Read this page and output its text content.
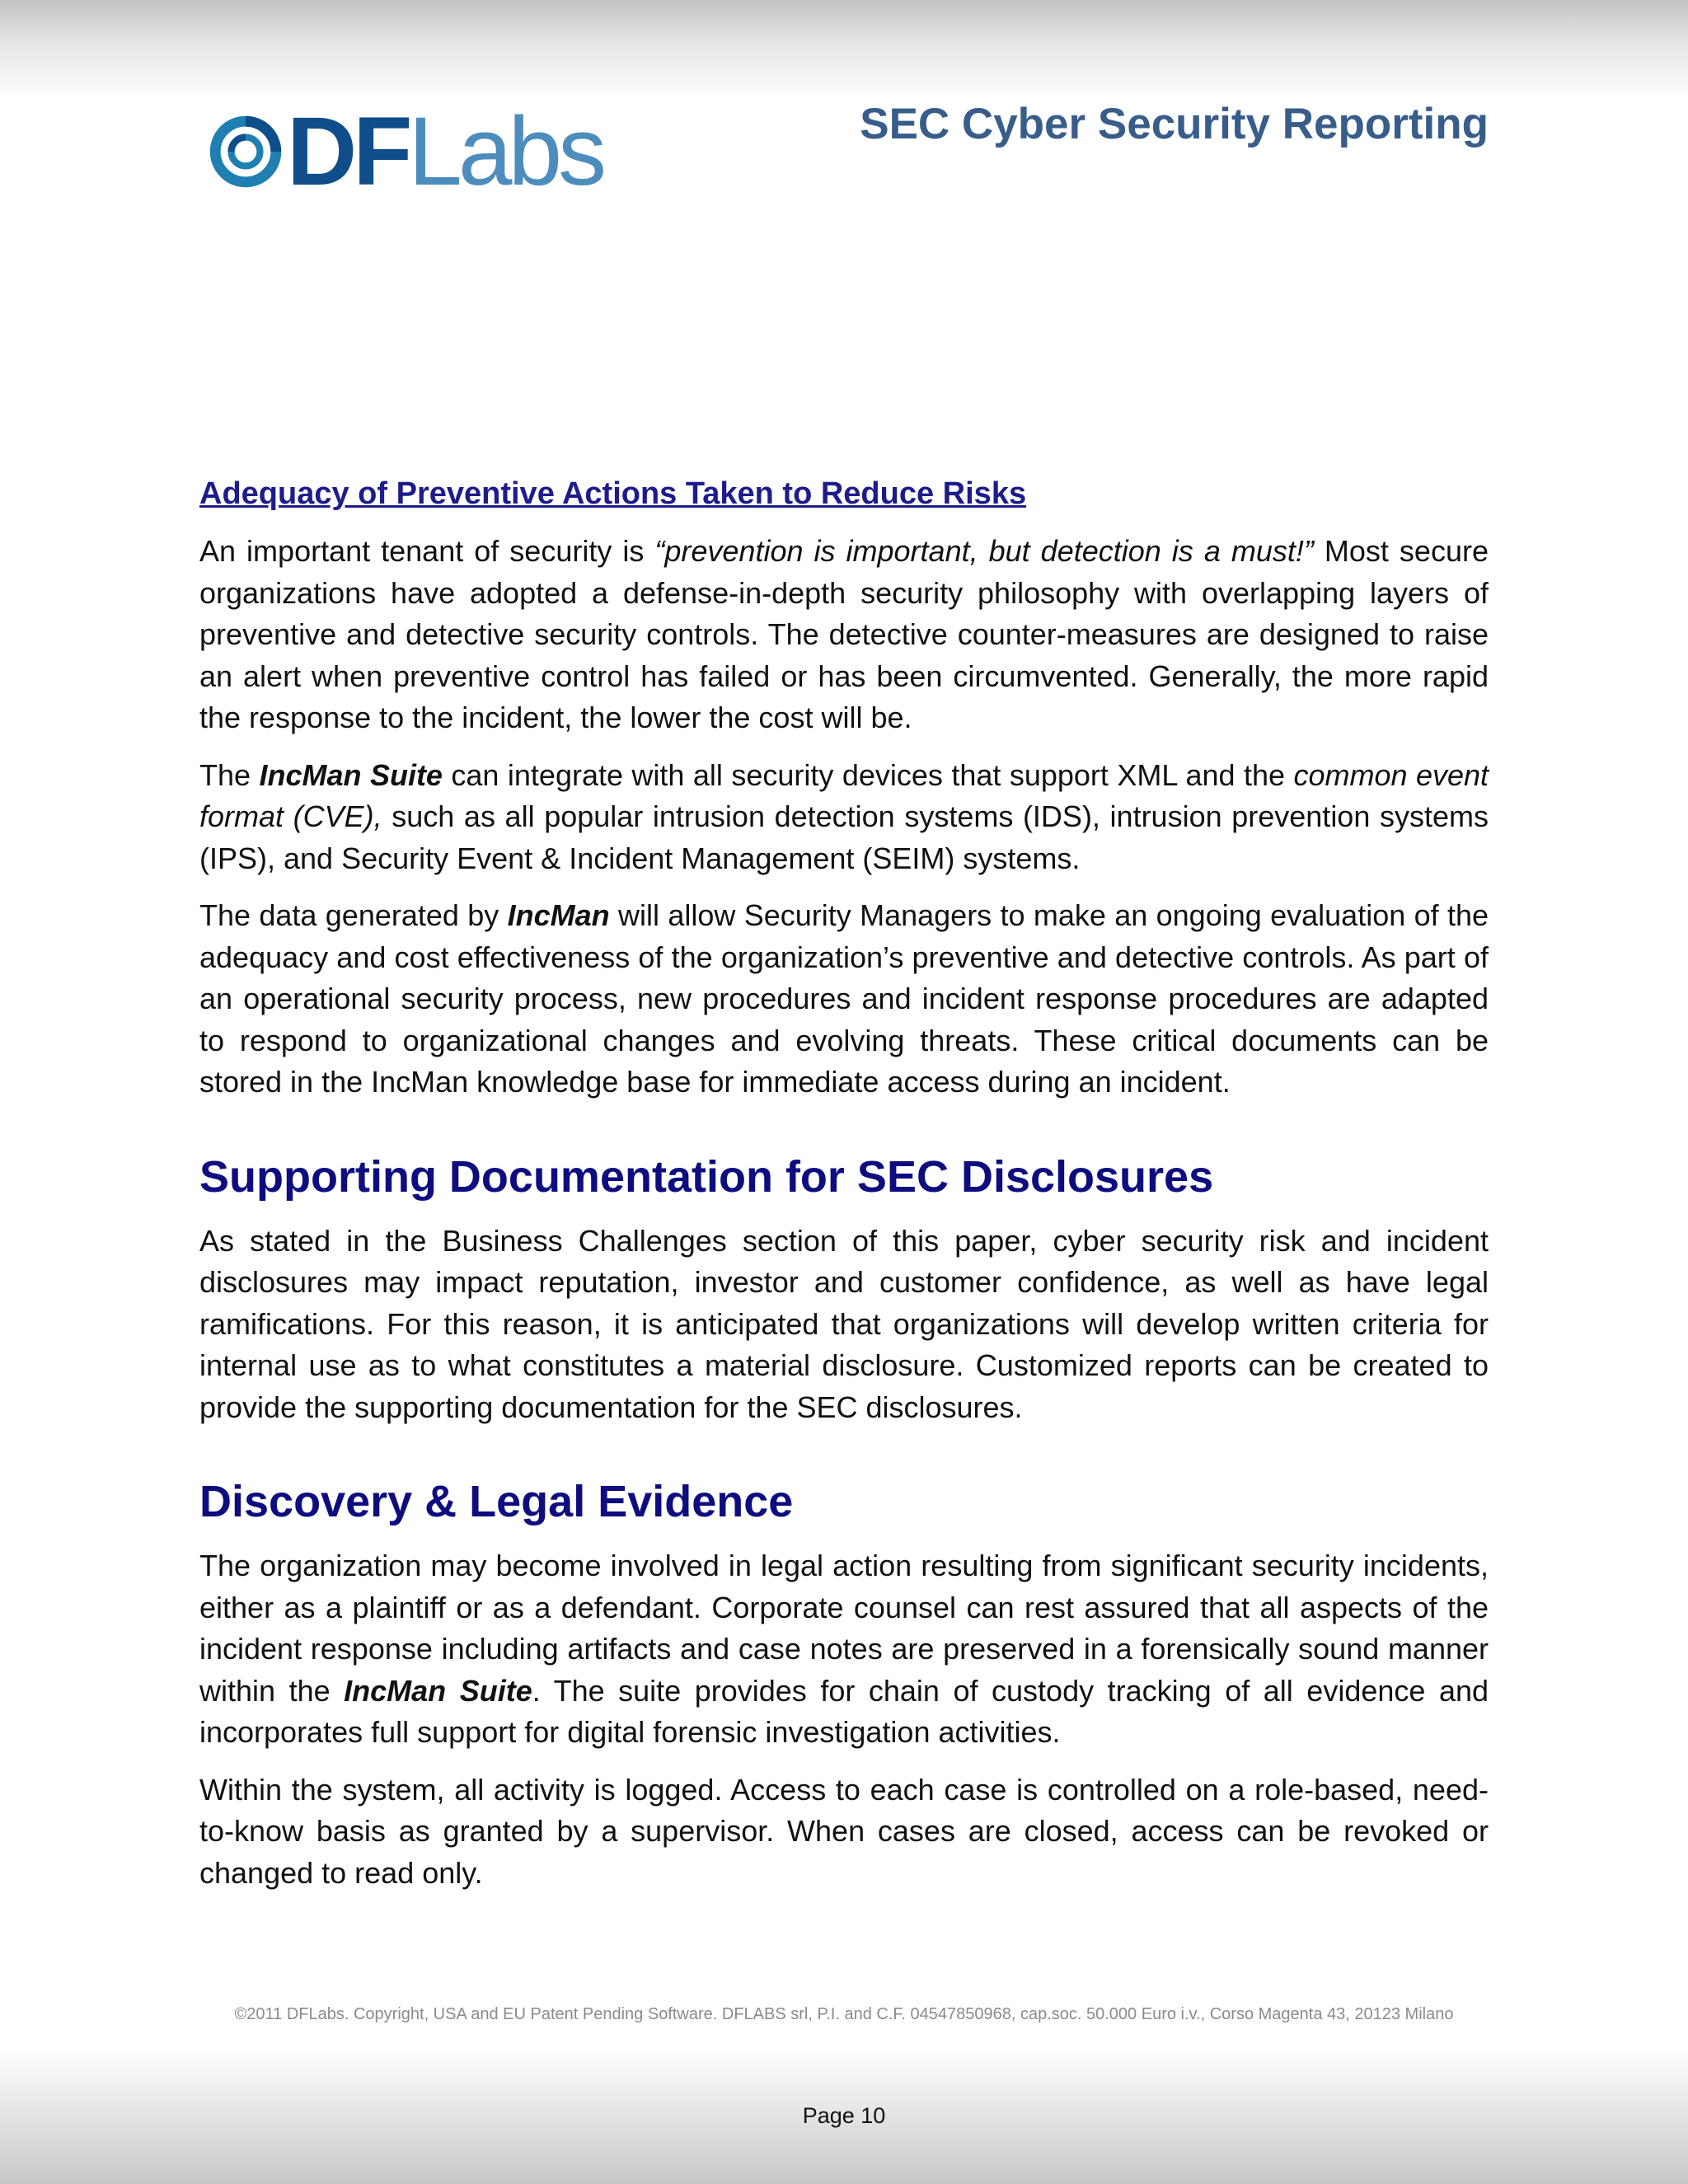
DFLabs	SEC Cyber Security Reporting
Adequacy of Preventive Actions Taken to Reduce Risks

An important tenant of security is “prevention is important, but detection is a must!” Most secure organizations have adopted a defense-in-depth security philosophy with overlapping layers of preventive and detective security controls. The detective counter-measures are designed to raise an alert when preventive control has failed or has been circumvented. Generally, the more rapid the response to the incident, the lower the cost will be.

The IncMan Suite can integrate with all security devices that support XML and the common event format (CVE), such as all popular intrusion detection systems (IDS), intrusion prevention systems (IPS), and Security Event & Incident Management (SEIM) systems.

The data generated by IncMan will allow Security Managers to make an ongoing evaluation of the adequacy and cost effectiveness of the organization’s preventive and detective controls. As part of an operational security process, new procedures and incident response procedures are adapted to respond to organizational changes and evolving threats. These critical documents can be stored in the IncMan knowledge base for immediate access during an incident.

Supporting Documentation for SEC Disclosures

As stated in the Business Challenges section of this paper, cyber security risk and incident disclosures may impact reputation, investor and customer confidence, as well as have legal ramifications. For this reason, it is anticipated that organizations will develop written criteria for internal use as to what constitutes a material disclosure. Customized reports can be created to provide the supporting documentation for the SEC disclosures.

Discovery & Legal Evidence

The organization may become involved in legal action resulting from significant security incidents, either as a plaintiff or as a defendant. Corporate counsel can rest assured that all aspects of the incident response including artifacts and case notes are preserved in a forensically sound manner within the IncMan Suite. The suite provides for chain of custody tracking of all evidence and incorporates full support for digital forensic investigation activities.

Within the system, all activity is logged. Access to each case is controlled on a role-based, need-to-know basis as granted by a supervisor. When cases are closed, access can be revoked or changed to read only.

©2011 DFLabs. Copyright, USA and EU Patent Pending Software. DFLABS srl, P.I. and C.F. 04547850968, cap.soc. 50.000 Euro i.v., Corso Magenta 43, 20123 Milano
Page 10
